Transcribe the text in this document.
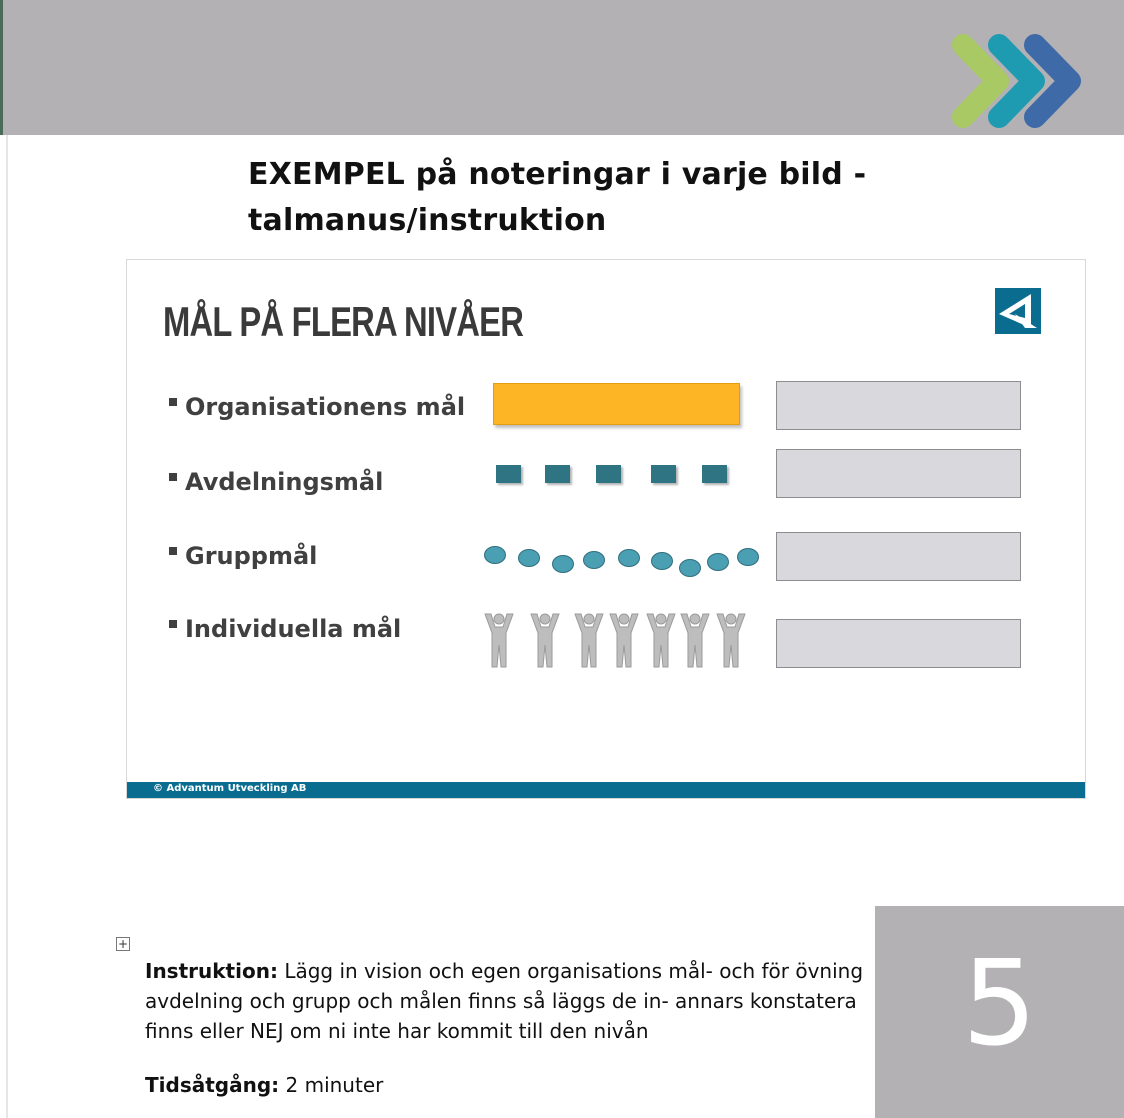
EXEMPEL på noteringar i varje bild -
talmanus/instruktion
MÅL PÅ FLERA NIVÅER
Organisationens mål
Avdelningsmål
Gruppmål
Individuella mål
© Advantum Utveckling AB
+
Instruktion: Lägg in vision och egen organisations mål- och för övning
avdelning och grupp och målen finns så läggs de in- annars konstatera
finns eller NEJ om ni inte har kommit till den nivån
Tidsåtgång: 2 minuter
5
